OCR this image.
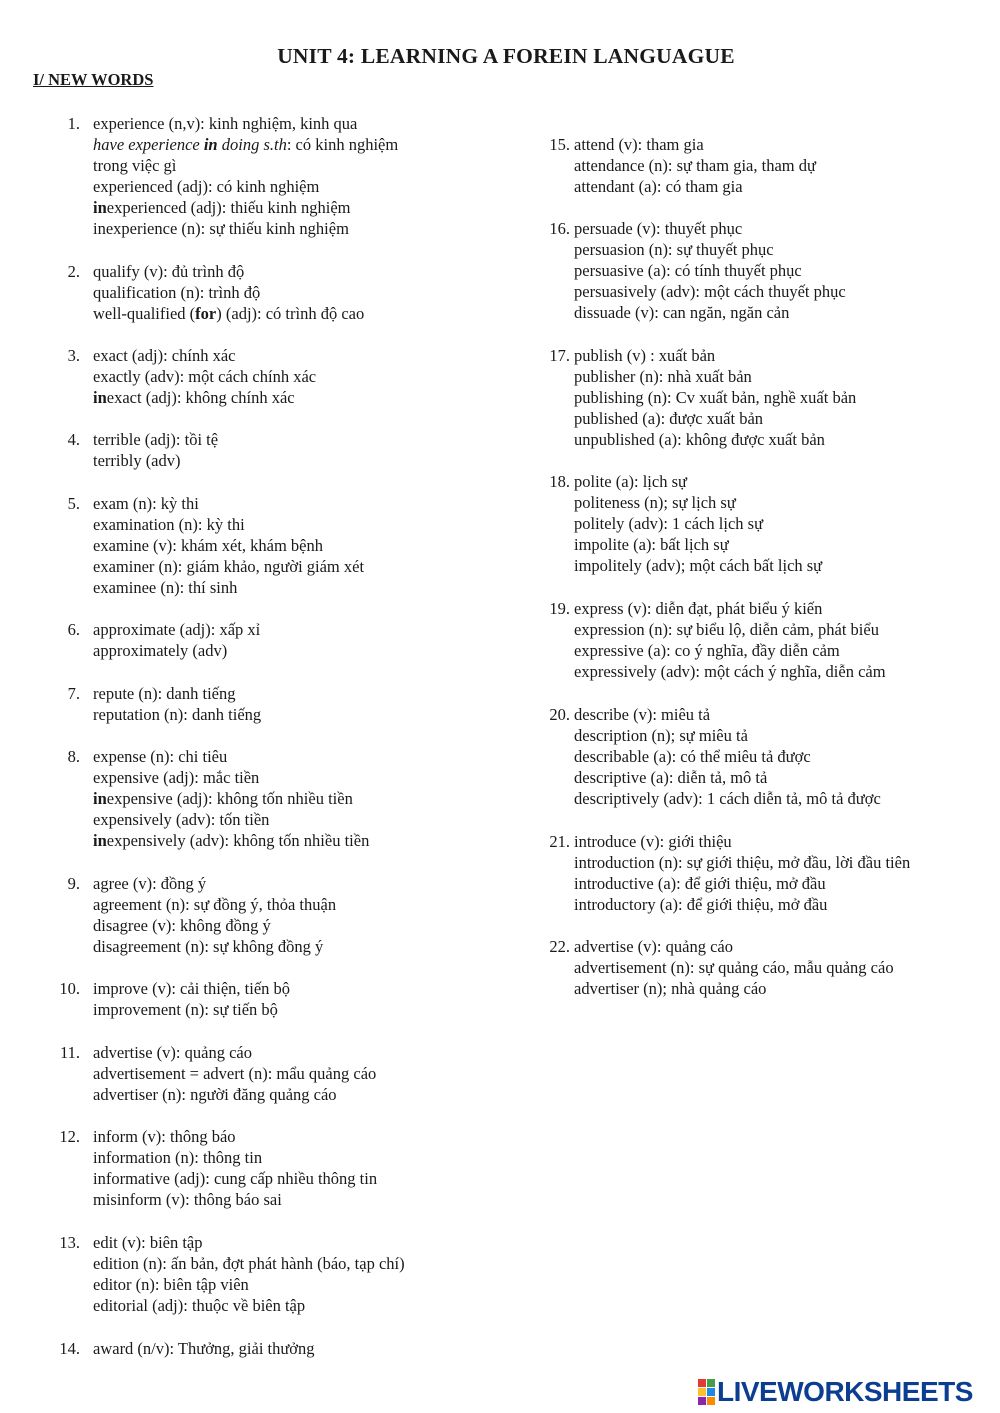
UNIT 4: LEARNING A FOREIN LANGUAGUE
I/ NEW WORDS
1. experience (n,v): kinh nghiệm, kinh qua
have experience in doing s.th: có kinh nghiệm
trong việc gì
experienced (adj): có kinh nghiệm
inexperienced (adj): thiếu kinh nghiệm
inexperience (n): sự thiếu kinh nghiệm
2. qualify (v): đủ trình độ
qualification (n): trình độ
well-qualified (for) (adj): có trình độ cao
3. exact (adj): chính xác
exactly (adv): một cách chính xác
inexact (adj): không chính xác
4. terrible (adj): tồi tệ
terribly (adv)
5. exam (n): kỳ thi
examination (n): kỳ thi
examine (v): khám xét, khám bệnh
examiner (n): giám khảo, người giám xét
examinee (n): thí sinh
6. approximate (adj): xấp xỉ
approximately (adv)
7. repute (n): danh tiếng
reputation (n): danh tiếng
8. expense (n): chi tiêu
expensive (adj): mắc tiền
inexpensive (adj): không tốn nhiều tiền
expensively (adv): tốn tiền
inexpensively (adv): không tốn nhiều tiền
9. agree (v): đồng ý
agreement (n): sự đồng ý, thỏa thuận
disagree (v): không đồng ý
disagreement (n): sự không đồng ý
10. improve (v): cải thiện, tiến bộ
improvement (n): sự tiến bộ
11. advertise (v): quảng cáo
advertisement = advert (n): mẩu quảng cáo
advertiser (n): người đăng quảng cáo
12. inform (v): thông báo
information (n): thông tin
informative (adj): cung cấp nhiều thông tin
misinform (v): thông báo sai
13. edit (v): biên tập
edition (n): ấn bản, đợt phát hành (báo, tạp chí)
editor (n): biên tập viên
editorial (adj): thuộc về biên tập
14. award (n/v): Thưởng, giải thưởng
15. attend (v): tham gia
attendance (n): sự tham gia, tham dự
attendant (a): có tham gia
16. persuade (v): thuyết phục
persuasion (n): sự thuyết phục
persuasive (a): có tính thuyết phục
persuasively (adv): một cách thuyết phục
dissuade (v): can ngăn, ngăn cản
17. publish (v) : xuất bản
publisher (n): nhà xuất bản
publishing (n): Cv xuất bản, nghề xuất bản
published (a): được xuất bản
unpublished (a): không được xuất bản
18. polite (a): lịch sự
politeness (n); sự lịch sự
politely (adv): 1 cách lịch sự
impolite (a): bất lịch sự
impolitely (adv); một cách bất lịch sự
19. express (v): diễn đạt, phát biểu ý kiến
expression (n): sự biểu lộ, diễn cảm, phát biểu
expressive (a): co ý nghĩa, đầy diễn cảm
expressively (adv): một cách ý nghĩa, diễn cảm
20. describe (v): miêu tả
description (n); sự miêu tả
describable (a): có thể miêu tả được
descriptive (a): diễn tả, mô tả
descriptively (adv): 1 cách diễn tả, mô tả được
21. introduce (v): giới thiệu
introduction (n): sự giới thiệu, mở đầu, lời đầu tiên
introductive (a): để giới thiệu, mở đầu
introductory (a): để giới thiệu, mở đầu
22. advertise (v): quảng cáo
advertisement (n): sự quảng cáo, mẫu quảng cáo
advertiser (n); nhà quảng cáo
LIVEWORKSHEETS
